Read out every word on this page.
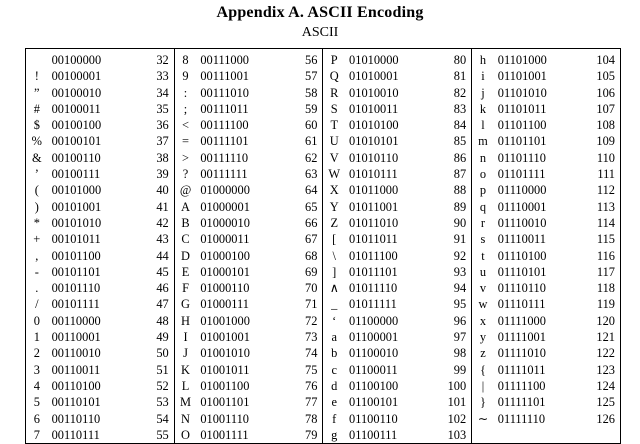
Appendix A. ASCII Encoding
ASCII
	00100000	32	8	00111000	56	P	01010000	80	h	01101000	104
!	00100001	33	9	00111001	57	Q	01010001	81	i	01101001	105
”	00100010	34	:	00111010	58	R	01010010	82	j	01101010	106
#	00100011	35	;	00111011	59	S	01010011	83	k	01101011	107
$	00100100	36	<	00111100	60	T	01010100	84	l	01101100	108
%	00100101	37	=	00111101	61	U	01010101	85	m	01101101	109
&	00100110	38	>	00111110	62	V	01010110	86	n	01101110	110
’	00100111	39	?	00111111	63	W	01010111	87	o	01101111	111
(	00101000	40	@	01000000	64	X	01011000	88	p	01110000	112
)	00101001	41	A	01000001	65	Y	01011001	89	q	01110001	113
*	00101010	42	B	01000010	66	Z	01011010	90	r	01110010	114
+	00101011	43	C	01000011	67	[	01011011	91	s	01110011	115
,	00101100	44	D	01000100	68	\	01011100	92	t	01110100	116
-	00101101	45	E	01000101	69	]	01011101	93	u	01110101	117
.	00101110	46	F	01000110	70	∧	01011110	94	v	01110110	118
/	00101111	47	G	01000111	71	_	01011111	95	w	01110111	119
0	00110000	48	H	01001000	72	‘	01100000	96	x	01111000	120
1	00110001	49	I	01001001	73	a	01100001	97	y	01111001	121
2	00110010	50	J	01001010	74	b	01100010	98	z	01111010	122
3	00110011	51	K	01001011	75	c	01100011	99	{	01111011	123
4	00110100	52	L	01001100	76	d	01100100	100	|	01111100	124
5	00110101	53	M	01001101	77	e	01100101	101	}	01111101	125
6	00110110	54	N	01001110	78	f	01100110	102	∼	01111110	126
7	00110111	55	O	01001111	79	g	01100111	103			
